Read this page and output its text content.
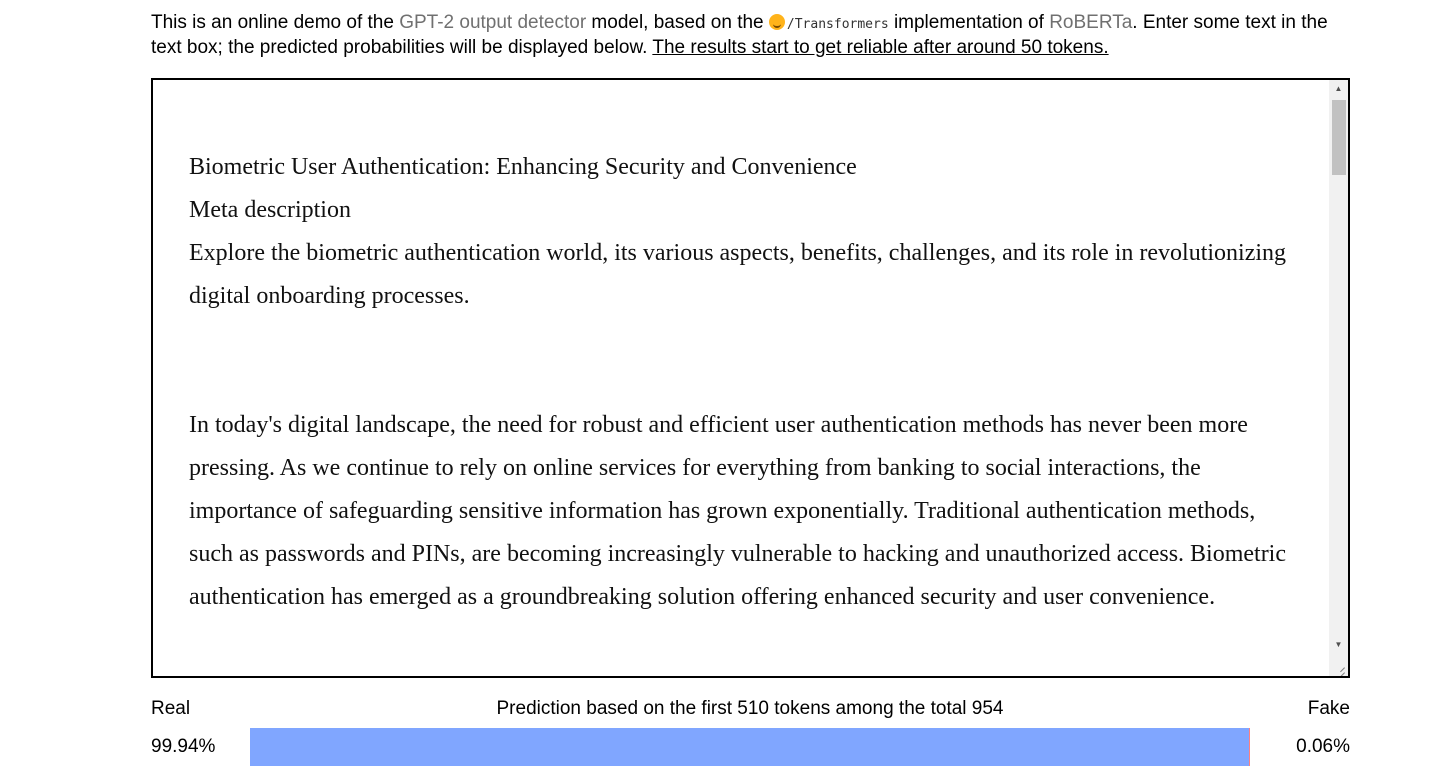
This is an online demo of the GPT-2 output detector model, based on the /Transformers implementation of RoBERTa. Enter some text in the text box; the predicted probabilities will be displayed below. The results start to get reliable after around 50 tokens.

Biometric User Authentication: Enhancing Security and Convenience

Meta description

Explore the biometric authentication world, its various aspects, benefits, challenges, and its role in revolutionizing digital onboarding processes.

In today's digital landscape, the need for robust and efficient user authentication methods has never been more pressing. As we continue to rely on online services for everything from banking to social interactions, the importance of safeguarding sensitive information has grown exponentially. Traditional authentication methods, such as passwords and PINs, are becoming increasingly vulnerable to hacking and unauthorized access. Biometric authentication has emerged as a groundbreaking solution offering enhanced security and user convenience.

▲
▼
Real	Prediction based on the first 510 tokens among the total 954	Fake
99.94%	0.06%
